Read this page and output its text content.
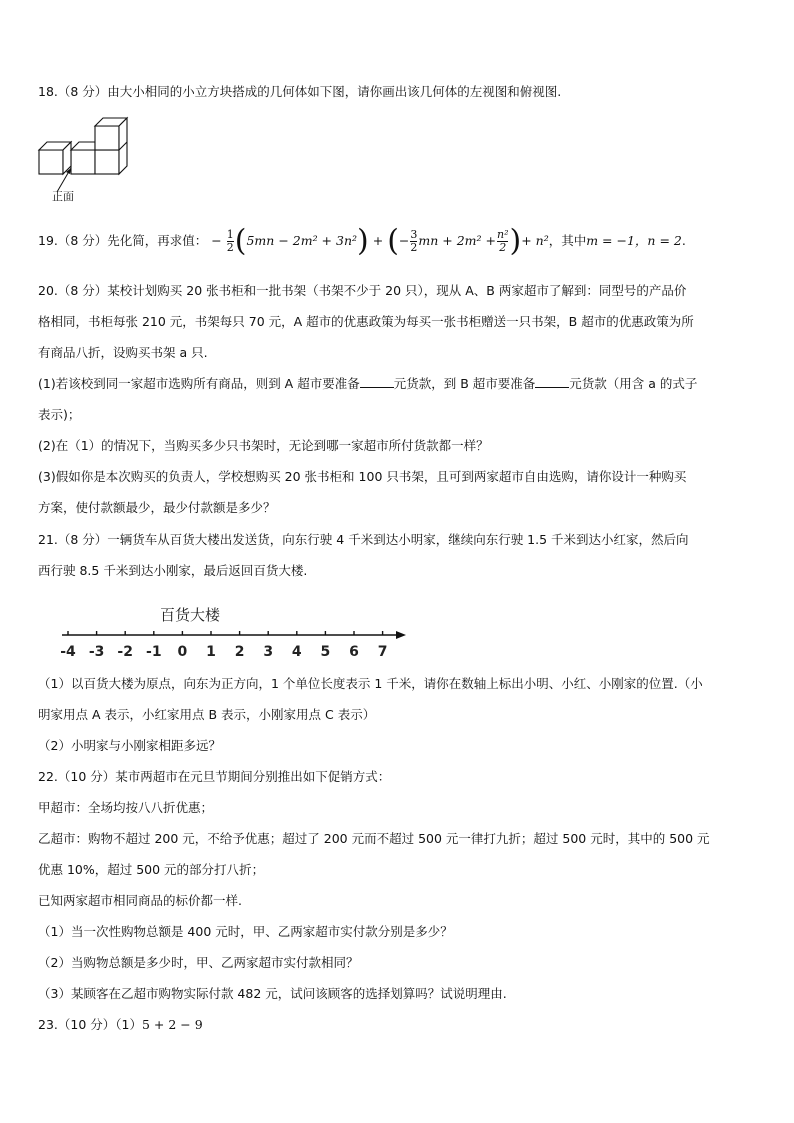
18.（8 分）由大小相同的小立方块搭成的几何体如下图，请你画出该几何体的左视图和俯视图.
正面
19.（8 分）先化简，再求值： − $\frac{1}{2} (5mn - 2m^2 + 3n^2)$ + (− $\frac{3}{2}$ mn + $2m^2 + \frac{\text{n²}}{2}$ )+ n²，其中m = −1，n = 2.
20.（8 分）某校计划购买 20 张书柜和一批书架（书架不少于 20 只），现从 A、B 两家超市了解到：同型号的产品价
格相同，书柜每张 210 元，书架每只 70 元，A 超市的优惠政策为每买一张书柜赠送一只书架，B 超市的优惠政策为所
有商品八折，设购买书架 a 只.
(1)若该校到同一家超市选购所有商品，则到 A 超市要准备	元货款，到 B 超市要准备	元货款（用含 a 的式子
表示)；
(2)在（1）的情况下，当购买多少只书架时，无论到哪一家超市所付货款都一样？
(3)假如你是本次购买的负责人，学校想购买 20 张书柜和 100 只书架，且可到两家超市自由选购，请你设计一种购买
方案，使付款额最少，最少付款额是多少？
21.（8 分）一辆货车从百货大楼出发送货，向东行驶 4 千米到达小明家，继续向东行驶 1.5 千米到达小红家，然后向
西行驶 8.5 千米到达小刚家，最后返回百货大楼.
百货大楼
-4 -3 -2 -1 0 1 2 3 4 5 6 7
（1）以百货大楼为原点，向东为正方向，1 个单位长度表示 1 千米，请你在数轴上标出小明、小红、小刚家的位置.（小
明家用点 A 表示，小红家用点 B 表示，小刚家用点 C 表示）
（2）小明家与小刚家相距多远？
22.（10 分）某市两超市在元旦节期间分别推出如下促销方式：
甲超市：全场均按八八折优惠；
乙超市：购物不超过 200 元，不给予优惠；超过了 200 元而不超过 500 元一律打九折；超过 500 元时，其中的 500 元
优惠 10%，超过 500 元的部分打八折；
已知两家超市相同商品的标价都一样.
（1）当一次性购物总额是 400 元时，甲、乙两家超市实付款分别是多少？
（2）当购物总额是多少时，甲、乙两家超市实付款相同？
（3）某顾客在乙超市购物实际付款 482 元，试问该顾客的选择划算吗？试说明理由.
23.（10 分）（1）5 + 2 − 9
